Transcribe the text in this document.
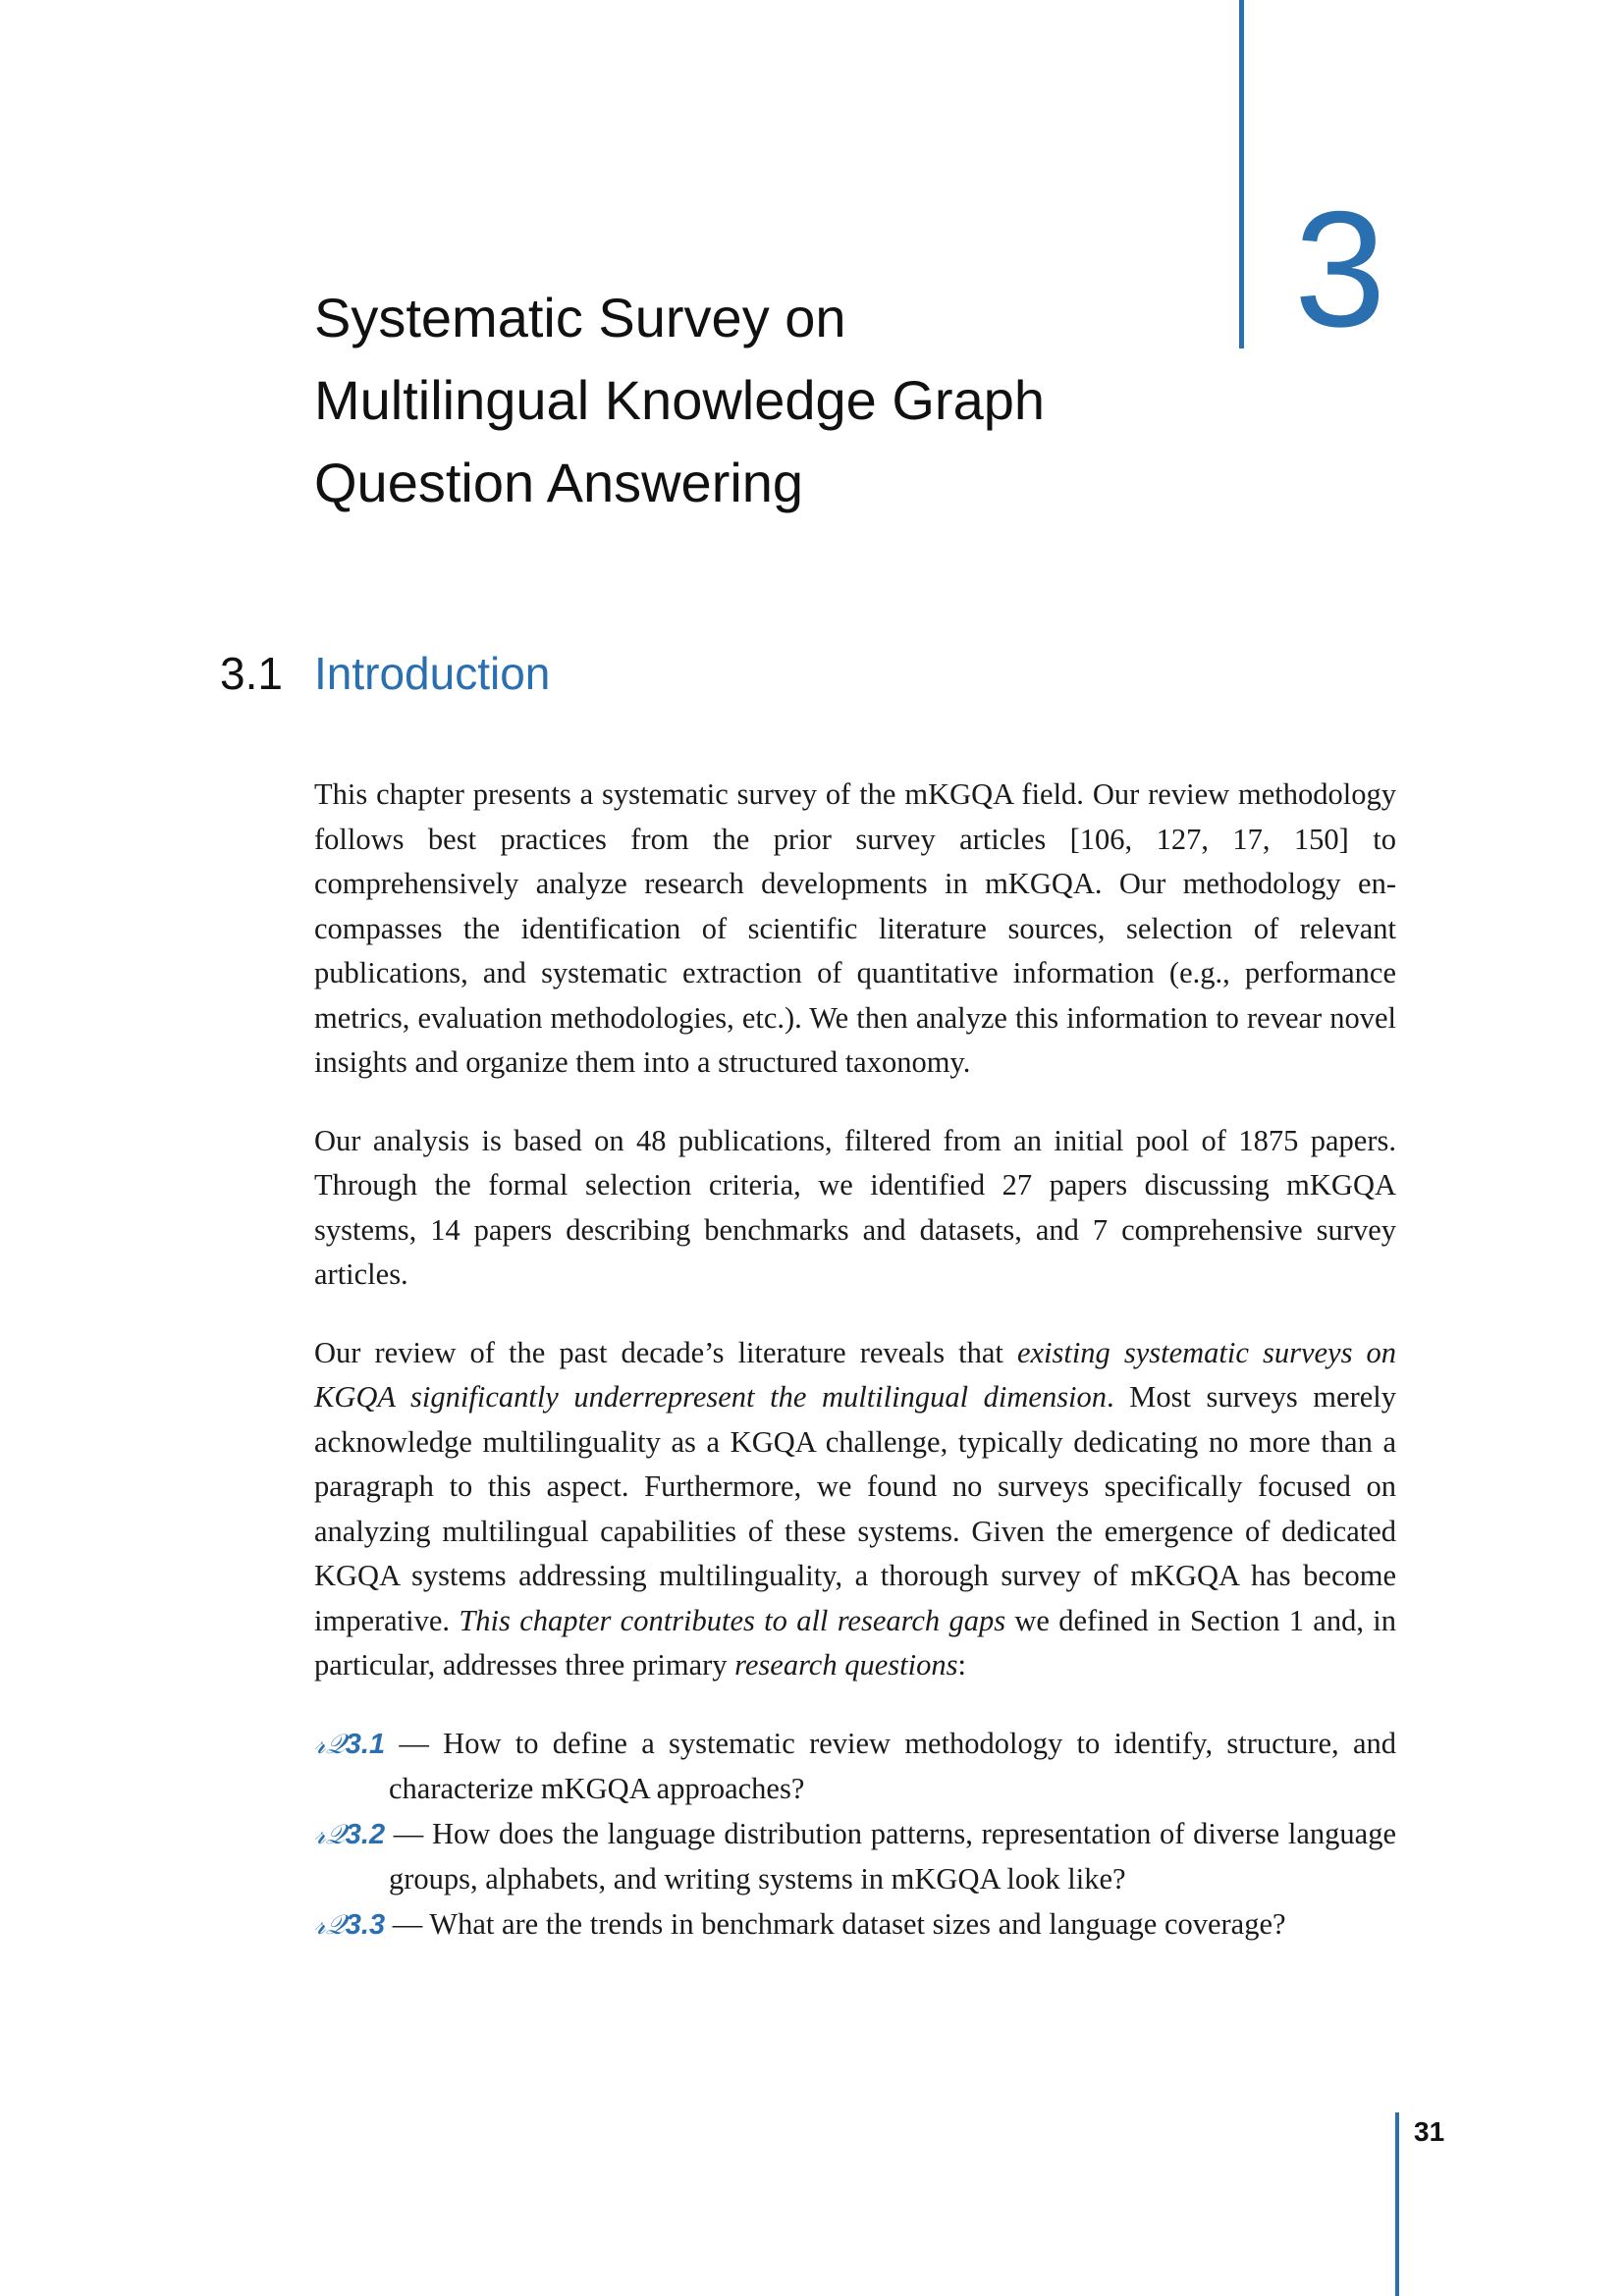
3
Systematic Survey on
Multilingual Knowledge Graph
Question Answering
3.1 Introduction

This chapter presents a systematic survey of the mKGQA field. Our review methodology follows best practices from the prior survey articles [106, 127, 17, 150] to comprehensively analyze research developments in mKGQA. Our methodology encompasses the identification of scientific literature sources, selection of relevant publications, and systematic extraction of quantitative information (e.g., performance metrics, evaluation methodologies, etc.). We then analyze this information to revear novel insights and organize them into a structured taxonomy.

Our analysis is based on 48 publications, filtered from an initial pool of 1875 papers. Through the formal selection criteria, we identified 27 papers discussing mKGQA systems, 14 papers describing benchmarks and datasets, and 7 comprehensive survey articles.

Our review of the past decade’s literature reveals that existing systematic surveys on KGQA significantly underrepresent the multilingual dimension. Most surveys merely acknowledge multilinguality as a KGQA challenge, typically dedicating no more than a paragraph to this aspect. Furthermore, we found no surveys specifically focused on analyzing multilingual capabilities of these systems. Given the emergence of dedicated KGQA systems addressing multilinguality, a thorough survey of mKGQA has become imperative. This chapter contributes to all research gaps we defined in Section 1 and, in particular, addresses three primary research questions:

𝓇𝒬3.1 — How to define a systematic review methodology to identify, structure, and characterize mKGQA approaches?
𝓇𝒬3.2 — How does the language distribution patterns, representation of diverse language groups, alphabets, and writing systems in mKGQA look like?
𝓇𝒬3.3 — What are the trends in benchmark dataset sizes and language coverage?
31
